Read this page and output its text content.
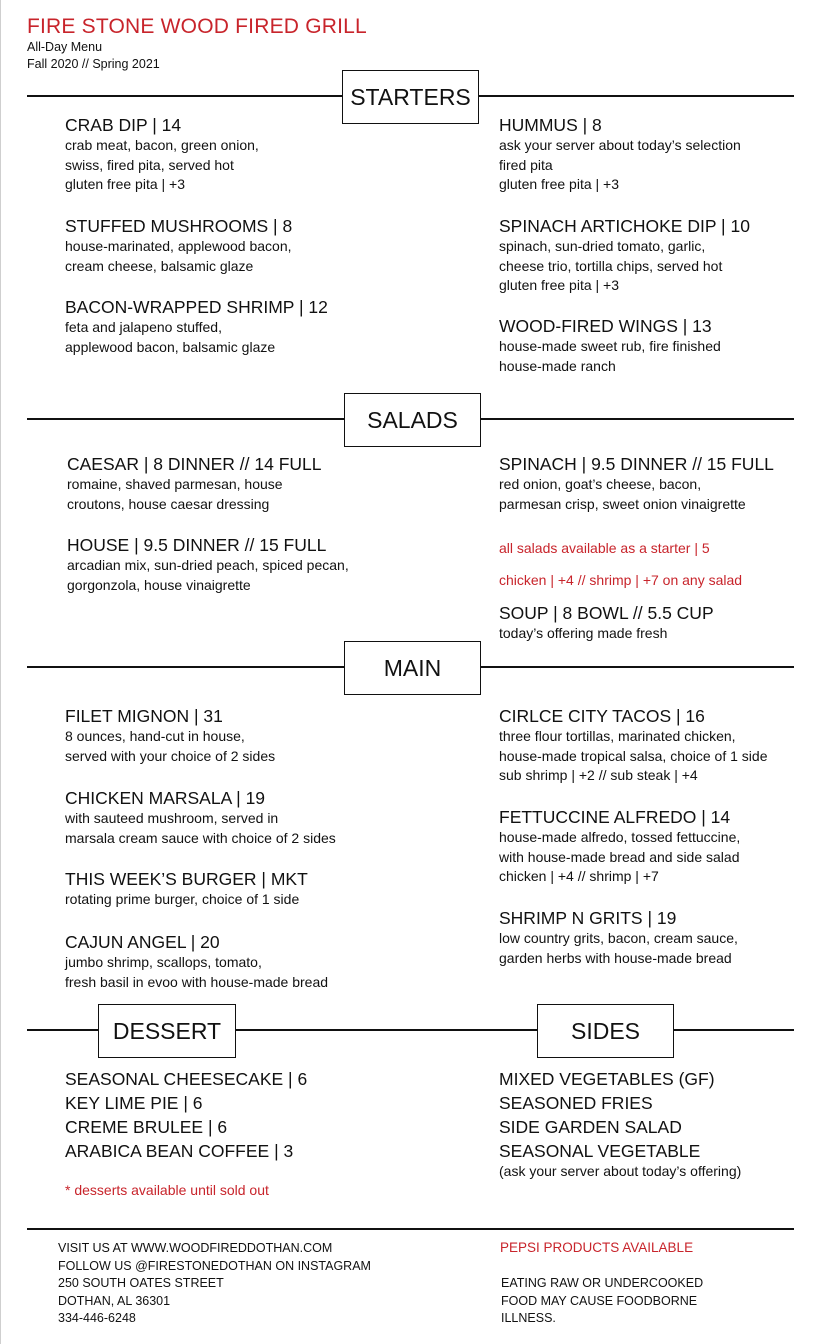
FIRE STONE WOOD FIRED GRILL
All-Day Menu
Fall 2020 // Spring 2021
STARTERS
CRAB DIP | 14
crab meat, bacon, green onion,
swiss, fired pita, served hot
gluten free pita | +3
STUFFED MUSHROOMS | 8
house-marinated, applewood bacon,
cream cheese, balsamic glaze
BACON-WRAPPED SHRIMP | 12
feta and jalapeno stuffed,
applewood bacon, balsamic glaze
HUMMUS | 8
ask your server about today’s selection
fired pita
gluten free pita | +3
SPINACH ARTICHOKE DIP | 10
spinach, sun-dried tomato, garlic,
cheese trio, tortilla chips, served hot
gluten free pita | +3
WOOD-FIRED WINGS | 13
house-made sweet rub, fire finished
house-made ranch
SALADS
CAESAR | 8 DINNER // 14 FULL
romaine, shaved parmesan, house
croutons, house caesar dressing
HOUSE | 9.5 DINNER // 15 FULL
arcadian mix, sun-dried peach, spiced pecan,
gorgonzola, house vinaigrette
SPINACH | 9.5 DINNER // 15 FULL
red onion, goat’s cheese, bacon,
parmesan crisp, sweet onion vinaigrette
all salads available as a starter | 5
chicken | +4 // shrimp | +7 on any salad
SOUP | 8 BOWL // 5.5 CUP
today’s offering made fresh
MAIN
FILET MIGNON | 31
8 ounces, hand-cut in house,
served with your choice of 2 sides
CHICKEN MARSALA | 19
with sauteed mushroom, served in
marsala cream sauce with choice of 2 sides
THIS WEEK’S BURGER | MKT
rotating prime burger, choice of 1 side
CAJUN ANGEL | 20
jumbo shrimp, scallops, tomato,
fresh basil in evoo with house-made bread
CIRLCE CITY TACOS | 16
three flour tortillas, marinated chicken,
house-made tropical salsa, choice of 1 side
sub shrimp | +2 // sub steak | +4
FETTUCCINE ALFREDO | 14
house-made alfredo, tossed fettuccine,
with house-made bread and side salad
chicken | +4 // shrimp | +7
SHRIMP N GRITS | 19
low country grits, bacon, cream sauce,
garden herbs with house-made bread
DESSERT	SIDES
SEASONAL CHEESECAKE | 6
KEY LIME PIE | 6
CREME BRULEE | 6
ARABICA BEAN COFFEE | 3
* desserts available until sold out
MIXED VEGETABLES (GF)
SEASONED FRIES
SIDE GARDEN SALAD
SEASONAL VEGETABLE
(ask your server about today’s offering)
VISIT US AT WWW.WOODFIREDDOTHAN.COM
FOLLOW US @FIRESTONEDOTHAN ON INSTAGRAM
250 SOUTH OATES STREET
DOTHAN, AL 36301
334-446-6248
PEPSI PRODUCTS AVAILABLE
EATING RAW OR UNDERCOOKED
FOOD MAY CAUSE FOODBORNE
ILLNESS.
